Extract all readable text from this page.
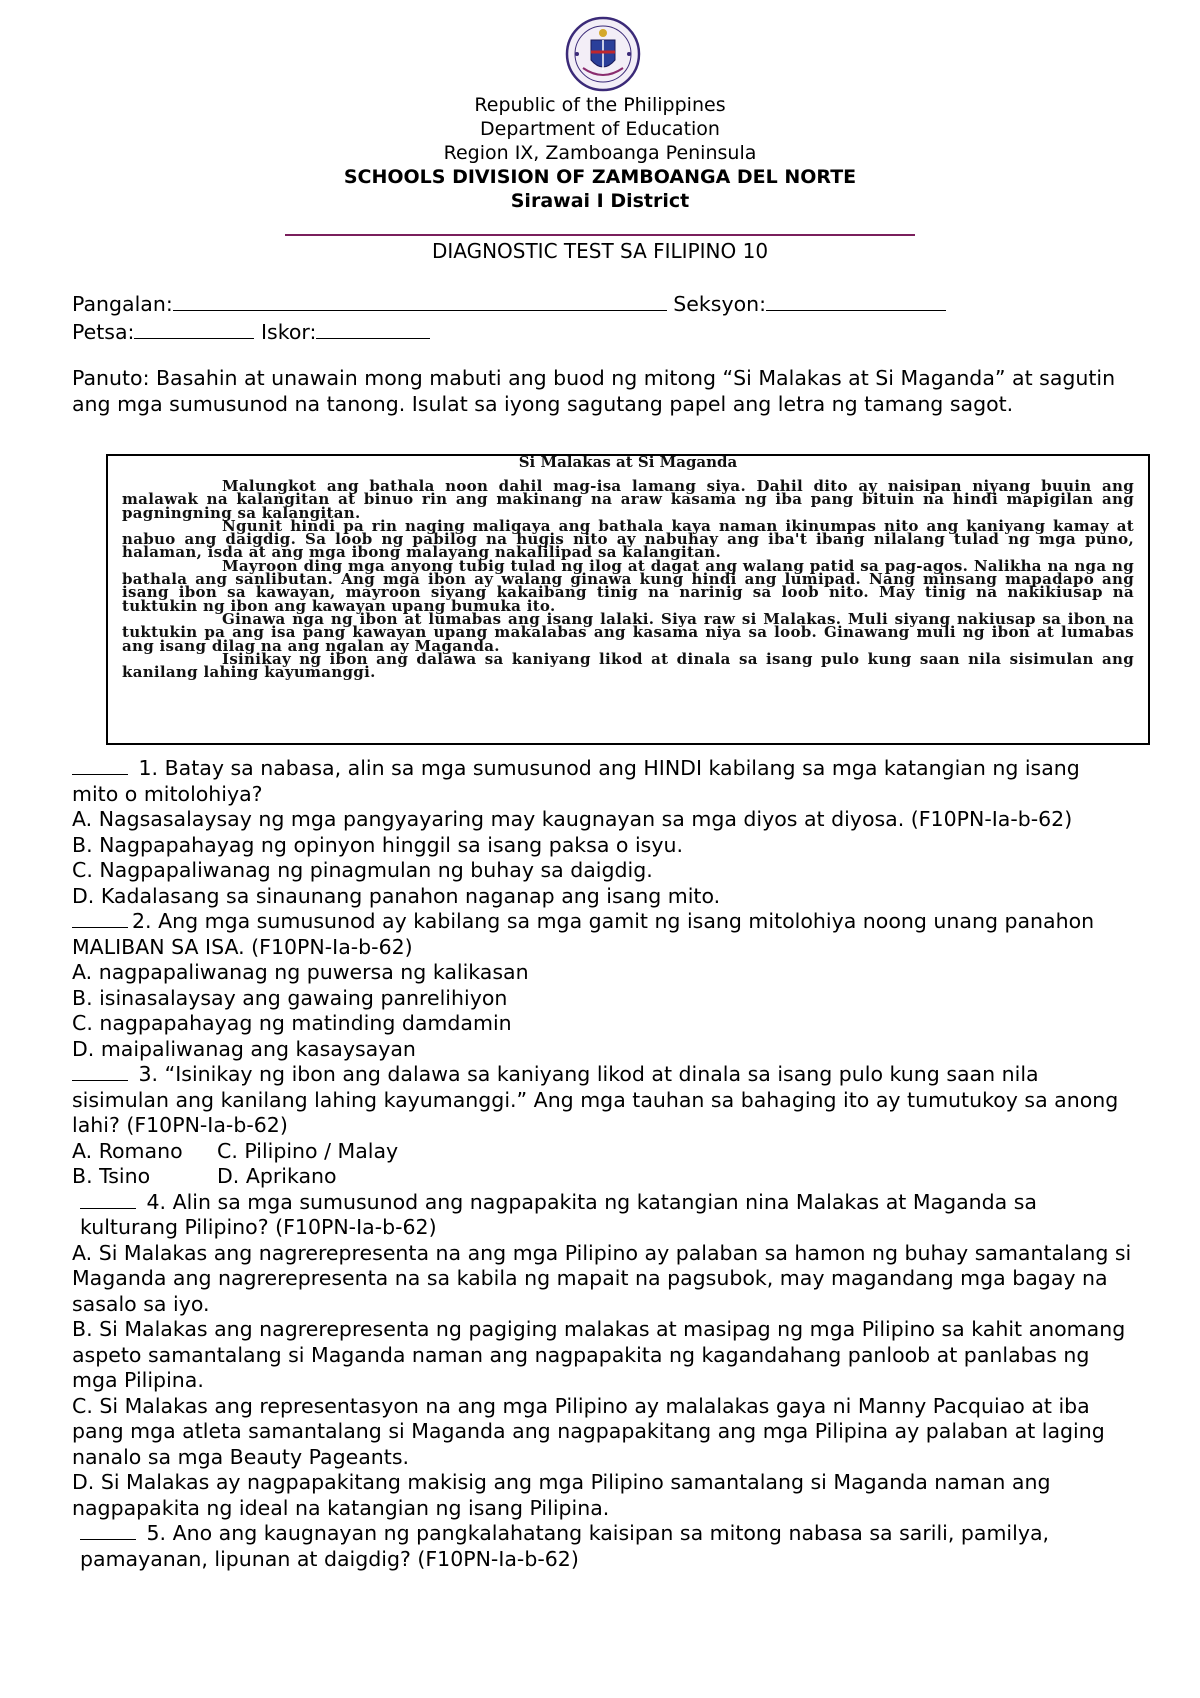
Republic of the Philippines
Department of Education
Region IX, Zamboanga Peninsula
SCHOOLS DIVISION OF ZAMBOANGA DEL NORTE
Sirawai I District
DIAGNOSTIC TEST SA FILIPINO 10
Pangalan:	Seksyon:
Petsa:	Iskor:
Panuto: Basahin at unawain mong mabuti ang buod ng mitong “Si Malakas at Si Maganda” at sagutin ang mga sumusunod na tanong. Isulat sa iyong sagutang papel ang letra ng tamang sagot.
Si Malakas at Si Maganda

Malungkot ang bathala noon dahil mag-isa lamang siya. Dahil dito ay naisipan niyang buuin ang malawak na kalangitan at binuo rin ang makinang na araw kasama ng iba pang bituin na hindi mapigilan ang pagningning sa kalangitan.

Ngunit hindi pa rin naging maligaya ang bathala kaya naman ikinumpas nito ang kaniyang kamay at nabuo ang daigdig. Sa loob ng pabilog na hugis nito ay nabuhay ang iba't ibang nilalang tulad ng mga puno, halaman, isda at ang mga ibong malayang nakalilipad sa kalangitan.

Mayroon ding mga anyong tubig tulad ng ilog at dagat ang walang patid sa pag-agos. Nalikha na nga ng bathala ang sanlibutan. Ang mga ibon ay walang ginawa kung hindi ang lumipad. Nang minsang mapadapo ang isang ibon sa kawayan, mayroon siyang kakaibang tinig na narinig sa loob nito. May tinig na nakikiusap na tuktukin ng ibon ang kawayan upang bumuka ito.

Ginawa nga ng ibon at lumabas ang isang lalaki. Siya raw si Malakas. Muli siyang nakiusap sa ibon na tuktukin pa ang isa pang kawayan upang makalabas ang kasama niya sa loob. Ginawang muli ng ibon at lumabas ang isang dilag na ang ngalan ay Maganda.

Isinikay ng ibon ang dalawa sa kaniyang likod at dinala sa isang pulo kung saan nila sisimulan ang kanilang lahing kayumanggi.

1. Batay sa nabasa, alin sa mga sumusunod ang HINDI kabilang sa mga katangian ng isang mito o mitolohiya?

A. Nagsasalaysay ng mga pangyayaring may kaugnayan sa mga diyos at diyosa. (F10PN-Ia-b-62)

B. Nagpapahayag ng opinyon hinggil sa isang paksa o isyu.

C. Nagpapaliwanag ng pinagmulan ng buhay sa daigdig.

D. Kadalasang sa sinaunang panahon naganap ang isang mito.

2. Ang mga sumusunod ay kabilang sa mga gamit ng isang mitolohiya noong unang panahon MALIBAN SA ISA. (F10PN-Ia-b-62)

A. nagpapaliwanag ng puwersa ng kalikasan

B. isinasalaysay ang gawaing panrelihiyon

C. nagpapahayag ng matinding damdamin

D. maipaliwanag ang kasaysayan

3. “Isinikay ng ibon ang dalawa sa kaniyang likod at dinala sa isang pulo kung saan nila sisimulan ang kanilang lahing kayumanggi.” Ang mga tauhan sa bahaging ito ay tumutukoy sa anong lahi? (F10PN-Ia-b-62)

A. Romano C. Pilipino / Malay

B. Tsino	D. Aprikano

4. Alin sa mga sumusunod ang nagpapakita ng katangian nina Malakas at Maganda sa kulturang Pilipino? (F10PN-Ia-b-62)

A. Si Malakas ang nagrerepresenta na ang mga Pilipino ay palaban sa hamon ng buhay samantalang si Maganda ang nagrerepresenta na sa kabila ng mapait na pagsubok, may magandang mga bagay na sasalo sa iyo.

B. Si Malakas ang nagrerepresenta ng pagiging malakas at masipag ng mga Pilipino sa kahit anomang aspeto samantalang si Maganda naman ang nagpapakita ng kagandahang panloob at panlabas ng mga Pilipina.

C. Si Malakas ang representasyon na ang mga Pilipino ay malalakas gaya ni Manny Pacquiao at iba pang mga atleta samantalang si Maganda ang nagpapakitang ang mga Pilipina ay palaban at laging nanalo sa mga Beauty Pageants.

D. Si Malakas ay nagpapakitang makisig ang mga Pilipino samantalang si Maganda naman ang nagpapakita ng ideal na katangian ng isang Pilipina.

5. Ano ang kaugnayan ng pangkalahatang kaisipan sa mitong nabasa sa sarili, pamilya, pamayanan, lipunan at daigdig? (F10PN-Ia-b-62)
